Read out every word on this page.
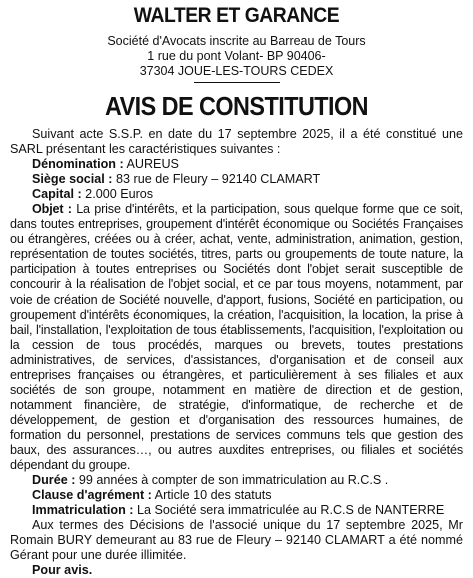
WALTER ET GARANCE
Société d'Avocats inscrite au Barreau de Tours
1 rue du pont Volant- BP 90406-
37304 JOUE-LES-TOURS CEDEX
AVIS DE CONSTITUTION

Suivant acte S.S.P. en date du 17 septembre 2025, il a été constitué une SARL présentant les caractéristiques suivantes :

Dénomination : AUREUS

Siège social : 83 rue de Fleury – 92140 CLAMART

Capital : 2.000 Euros

Objet : La prise d'intérêts, et la participation, sous quelque forme que ce soit, dans toutes entreprises, groupement d'intérêt économique ou Sociétés Françaises ou étrangères, créées ou à créer, achat, vente, administration, animation, gestion, représentation de toutes sociétés, titres, parts ou groupements de toute nature, la participation à toutes entreprises ou Sociétés dont l'objet serait susceptible de concourir à la réalisation de l'objet social, et ce par tous moyens, notamment, par voie de création de Société nouvelle, d'apport, fusions, Société en participation, ou groupement d'intérêts économiques, la création, l'acquisition, la location, la prise à bail, l'installation, l'exploitation de tous établissements, l'acquisition, l'exploitation ou la cession de tous procédés, marques ou brevets, toutes prestations administratives, de services, d'assistances, d'organisation et de conseil aux entreprises françaises ou étrangères, et particulièrement à ses filiales et aux sociétés de son groupe, notamment en matière de direction et de gestion, notamment financière, de stratégie, d'informatique, de recherche et de développement, de gestion et d'organisation des ressources humaines, de formation du personnel, prestations de services communs tels que gestion des baux, des assurances…, ou autres auxdites entreprises, ou filiales et sociétés dépendant du groupe.

Durée : 99 années à compter de son immatriculation au R.C.S .

Clause d'agrément : Article 10 des statuts

Immatriculation : La Société sera immatriculée au R.C.S de NANTERRE

Aux termes des Décisions de l'associé unique du 17 septembre 2025, Mr Romain BURY demeurant au 83 rue de Fleury – 92140 CLAMART a été nommé Gérant pour une durée illimitée.

Pour avis.
